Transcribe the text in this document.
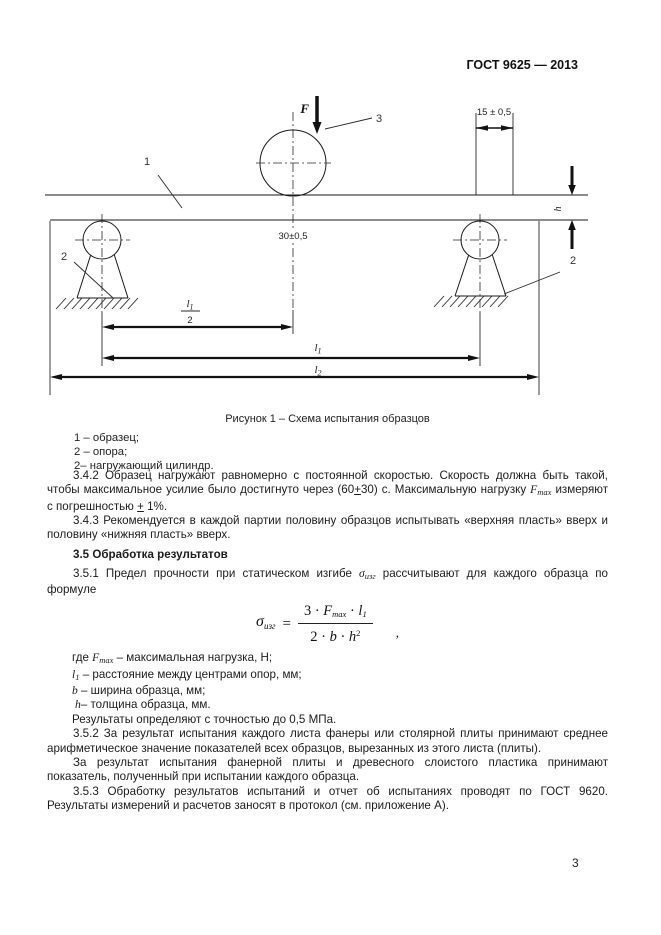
ГОСТ 9625 — 2013
F
3
1
2	2
15 ± 0,5
h
30±0,5
$l_1$
2
$l_1$
$l_2$
Рисунок 1 – Схема испытания образцов
1 – образец;
2 – опора;
2– нагружающий цилиндр.
3.4.2 Образец нагружают равномерно с постоянной скоростью. Скорость должна быть такой, чтобы максимальное усилие было достигнуто через (60+30) с. Максимальную нагрузку Fmax измеряют с погрешностью + 1%.
3.4.3 Рекомендуется в каждой партии половину образцов испытывать «верхняя пласть» вверх и половину «нижняя пласть» вверх.
3.5 Обработка результатов
3.5.1 Предел прочности при статическом изгибе σизг рассчитывают для каждого образца по формуле
$\sigma изг = \frac{3 \cdot Fmax \cdot l1}{2 \cdot b \cdot h^2}$ ,
где Fmax – максимальная нагрузка, Н;
l1 – расстояние между центрами опор, мм;
b – ширина образца, мм;
h– толщина образца, мм.
Результаты определяют с точностью до 0,5 МПа.
3.5.2 За результат испытания каждого листа фанеры или столярной плиты принимают среднее арифметическое значение показателей всех образцов, вырезанных из этого листа (плиты).
За результат испытания фанерной плиты и древесного слоистого пластика принимают показатель, полученный при испытании каждого образца.
3.5.3 Обработку результатов испытаний и отчет об испытаниях проводят по ГОСТ 9620. Результаты измерений и расчетов заносят в протокол (см. приложение А).
3
